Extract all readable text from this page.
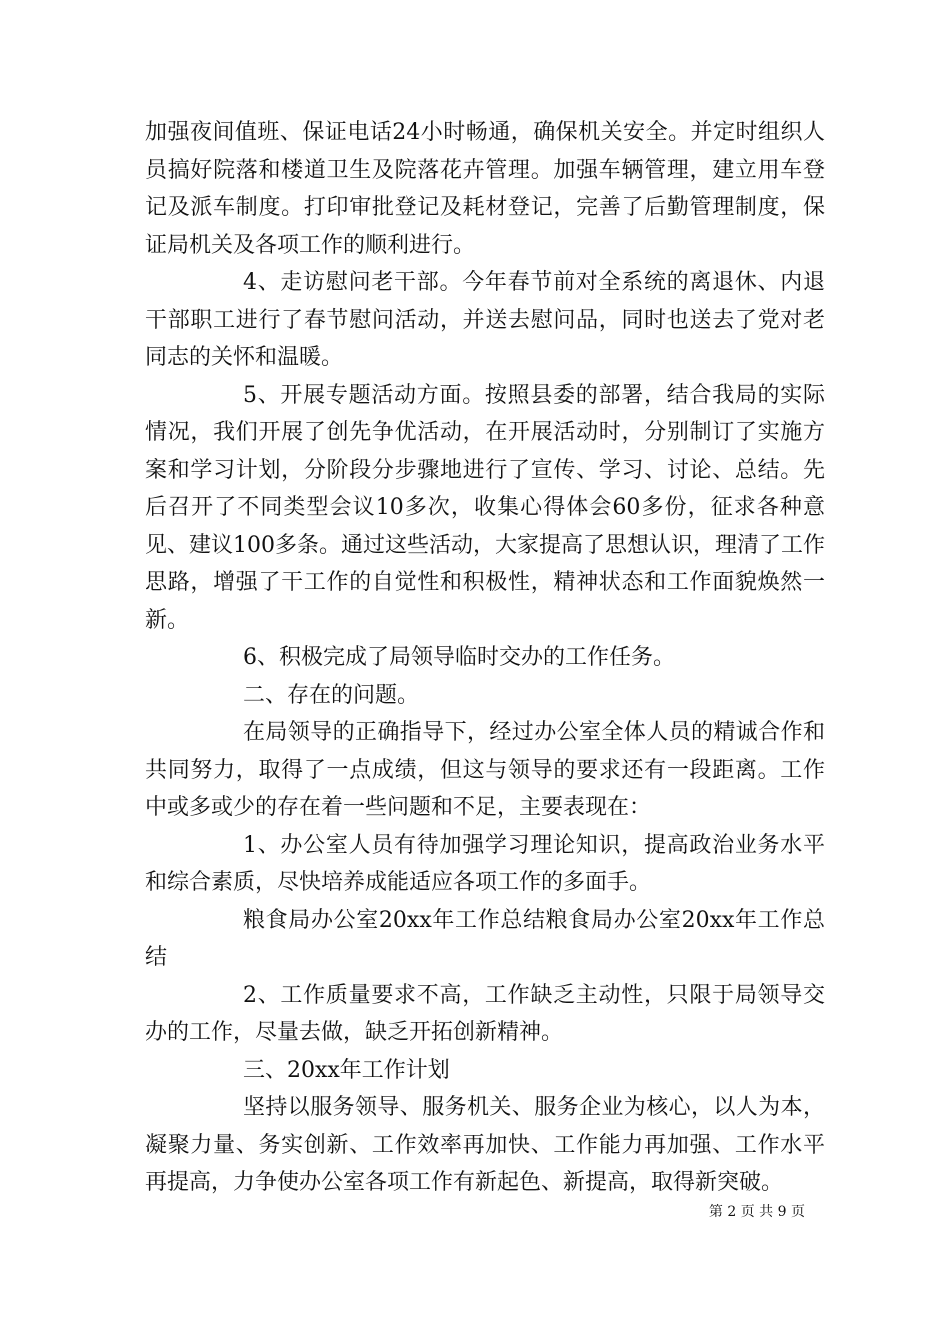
加强夜间值班、保证电话24小时畅通，确保机关安全。并定时组织人员搞好院落和楼道卫生及院落花卉管理。加强车辆管理，建立用车登记及派车制度。打印审批登记及耗材登记，完善了后勤管理制度，保证局机关及各项工作的顺利进行。

4、走访慰问老干部。今年春节前对全系统的离退休、内退干部职工进行了春节慰问活动，并送去慰问品，同时也送去了党对老同志的关怀和温暖。

5、开展专题活动方面。按照县委的部署，结合我局的实际情况，我们开展了创先争优活动，在开展活动时，分别制订了实施方案和学习计划，分阶段分步骤地进行了宣传、学习、讨论、总结。先后召开了不同类型会议10多次，收集心得体会60多份，征求各种意见、建议100多条。通过这些活动，大家提高了思想认识，理清了工作思路，增强了干工作的自觉性和积极性，精神状态和工作面貌焕然一新。

6、积极完成了局领导临时交办的工作任务。

二、存在的问题。

在局领导的正确指导下，经过办公室全体人员的精诚合作和共同努力，取得了一点成绩，但这与领导的要求还有一段距离。工作中或多或少的存在着一些问题和不足，主要表现在：

1、办公室人员有待加强学习理论知识，提高政治业务水平和综合素质，尽快培养成能适应各项工作的多面手。

粮食局办公室20xx年工作总结粮食局办公室20xx年工作总结

2、工作质量要求不高，工作缺乏主动性，只限于局领导交办的工作，尽量去做，缺乏开拓创新精神。

三、20xx年工作计划

坚持以服务领导、服务机关、服务企业为核心，以人为本，凝聚力量、务实创新、工作效率再加快、工作能力再加强、工作水平再提高，力争使办公室各项工作有新起色、新提高，取得新突破。

第 2 页 共 9 页
